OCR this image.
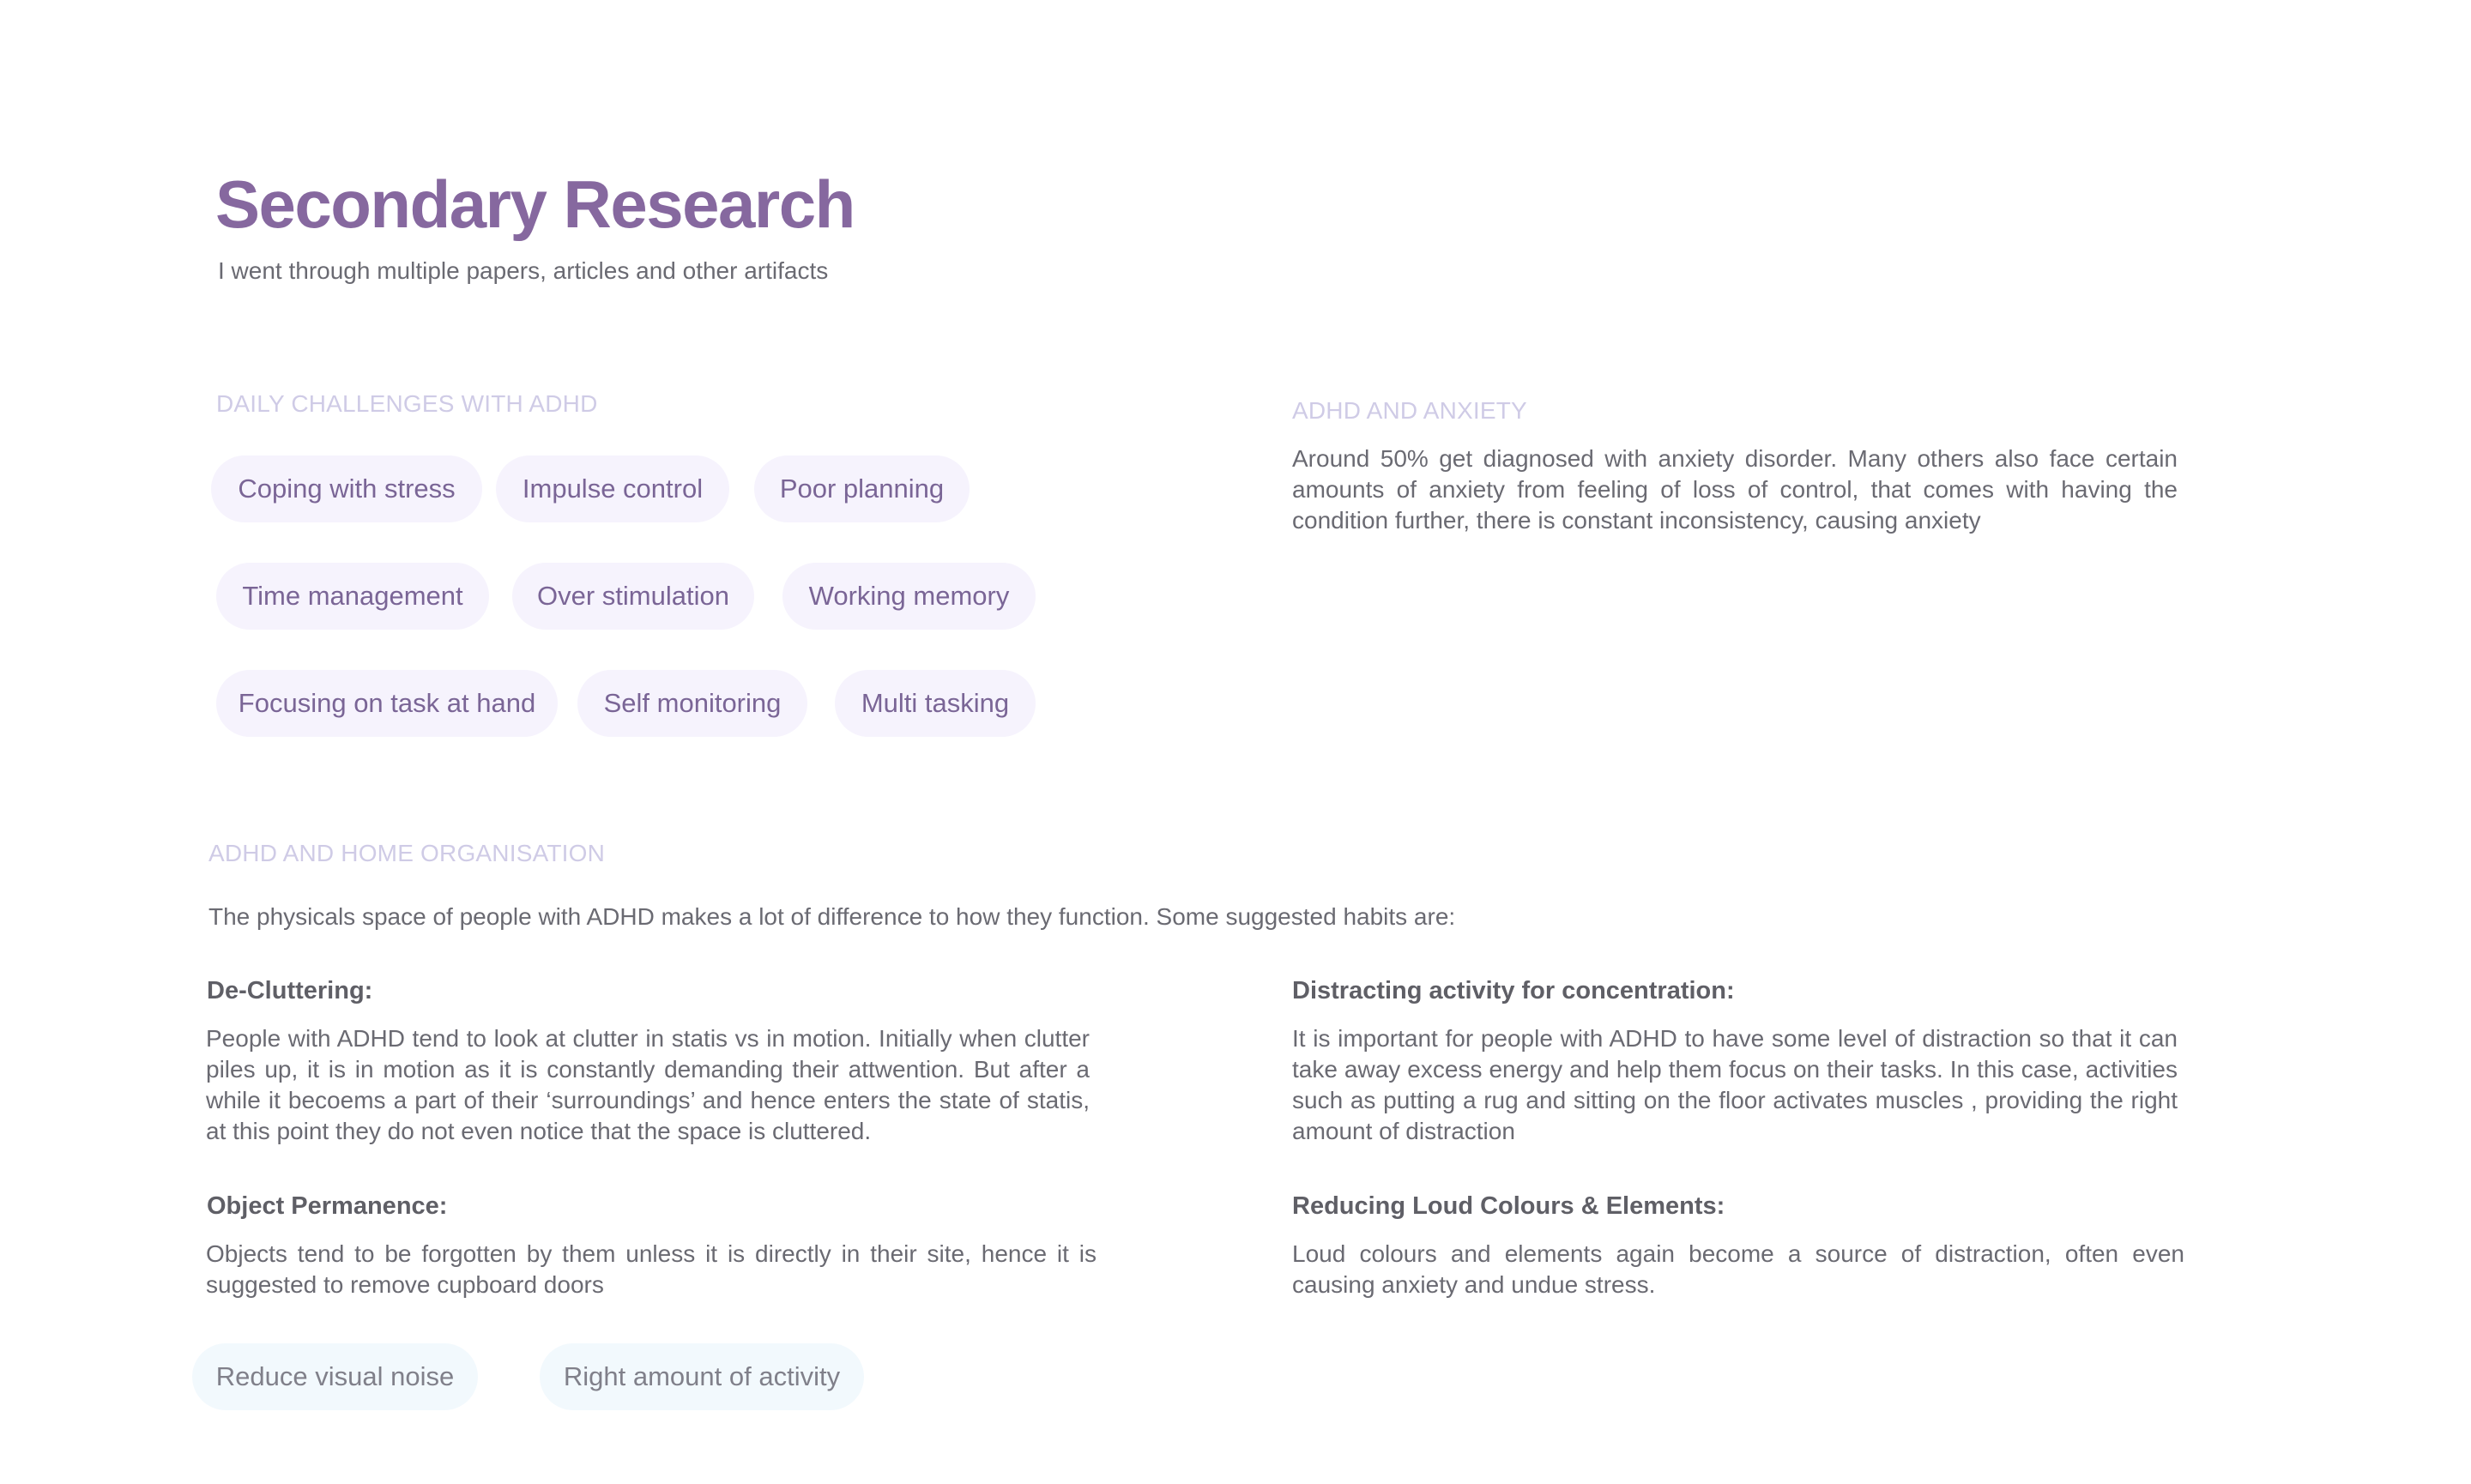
Secondary Research
I went through multiple papers, articles and other artifacts
DAILY CHALLENGES WITH ADHD
Coping with stress	Impulse control	Poor planning
Time management	Over stimulation	Working memory
Focusing on task at hand	Self monitoring	Multi tasking
ADHD AND ANXIETY
Around 50% get diagnosed with anxiety disorder. Many others also face certain amounts of anxiety from feeling of loss of control, that comes with having the condition further, there is constant inconsistency, causing anxiety
ADHD AND HOME ORGANISATION
The physicals space of people with ADHD makes a lot of difference to how they function. Some suggested habits are:
De-Cluttering:
People with ADHD tend to look at clutter in statis vs in motion. Initially when clutter piles up, it is in motion as it is constantly demanding their attwention. But after a while it becoems a part of their ‘surroundings’ and hence enters the state of statis, at this point they do not even notice that the space is cluttered.
Distracting activity for concentration:
It is important for people with ADHD to have some level of distraction so that it can take away excess energy and help them focus on their tasks. In this case, activities such as putting a rug and sitting on the floor activates muscles , providing the right amount of distraction
Object Permanence:
Objects tend to be forgotten by them unless it is directly in their site, hence it is suggested to remove cupboard doors
Reducing Loud Colours & Elements:
Loud colours and elements again become a source of distraction, often even causing anxiety and undue stress.
Reduce visual noise	Right amount of activity
